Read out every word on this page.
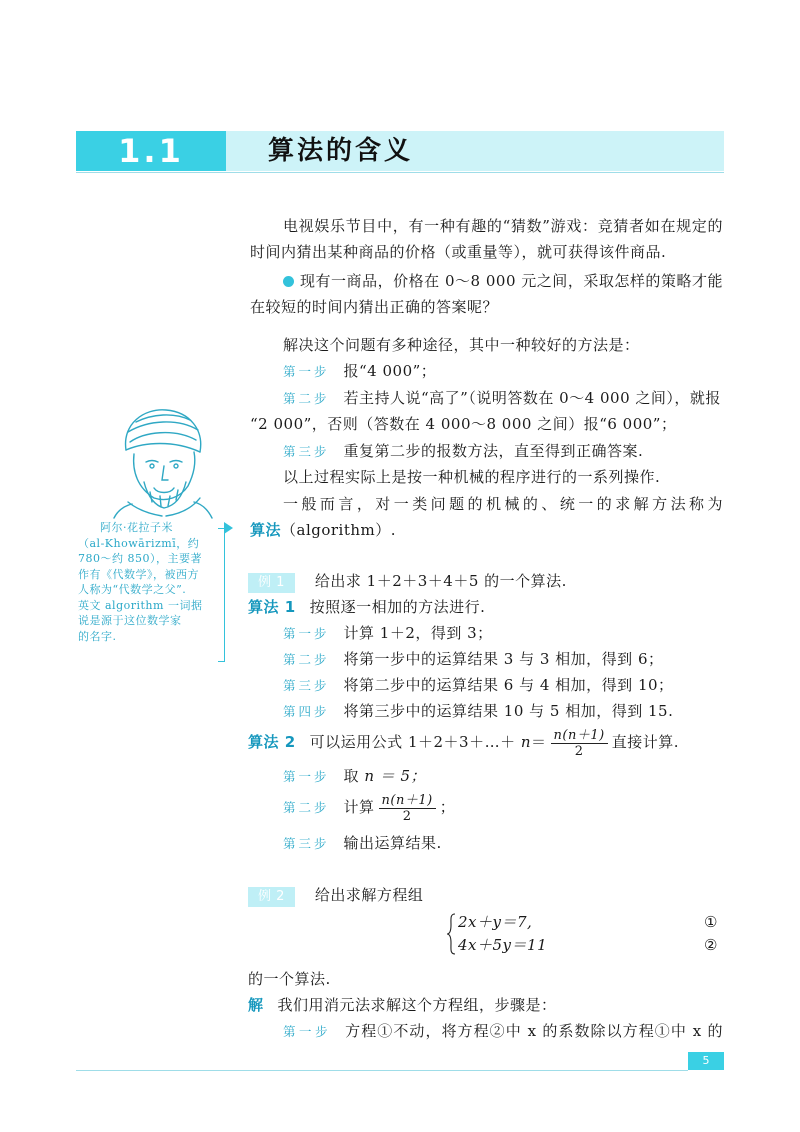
1.1	算法的含义
电视娱乐节目中，有一种有趣的“猜数”游戏：竞猜者如在规定的
时间内猜出某种商品的价格（或重量等），就可获得该件商品.
现有一商品，价格在 0～8 000 元之间，采取怎样的策略才能
在较短的时间内猜出正确的答案呢？
解决这个问题有多种途径，其中一种较好的方法是：
第一步 报“4 000”；
第二步 若主持人说“高了”（说明答数在 0～4 000 之间），就报
“2 000”，否则（答数在 4 000～8 000 之间）报“6 000”；
第三步 重复第二步的报数方法，直至得到正确答案.
以上过程实际上是按一种机械的程序进行的一系列操作.
一般而言，对一类问题的机械的、统一的求解方法称为
算法（algorithm）.
阿尔·花拉子米
（al-Khowārizmī，约
780～约 850），主要著
作有《代数学》，被西方
人称为“代数学之父”.
英文 algorithm 一词据
说是源于这位数学家
的名字.
例 1 给出求 1＋2＋3＋4＋5 的一个算法.
算法 1 按照逐一相加的方法进行.
第一步 计算 1＋2，得到 3；
第二步 将第一步中的运算结果 3 与 3 相加，得到 6；
第三步 将第二步中的运算结果 6 与 4 相加，得到 10；
第四步 将第三步中的运算结果 10 与 5 相加，得到 15.
算法 2 可以运用公式 1＋2＋3＋…＋ $n= \frac{n(n+1)}{2}$ 直接计算.
第一步 取 n ＝ 5；
第二步 计算 $\frac{n(n+1)}{2}$ ；
第三步 输出运算结果.
例 2 给出求解方程组
2x＋y＝7,	①
4x＋5y＝11	②
的一个算法.
解 我们用消元法求解这个方程组，步骤是：
第一步 方程①不动，将方程②中 x 的系数除以方程①中 x 的
5
